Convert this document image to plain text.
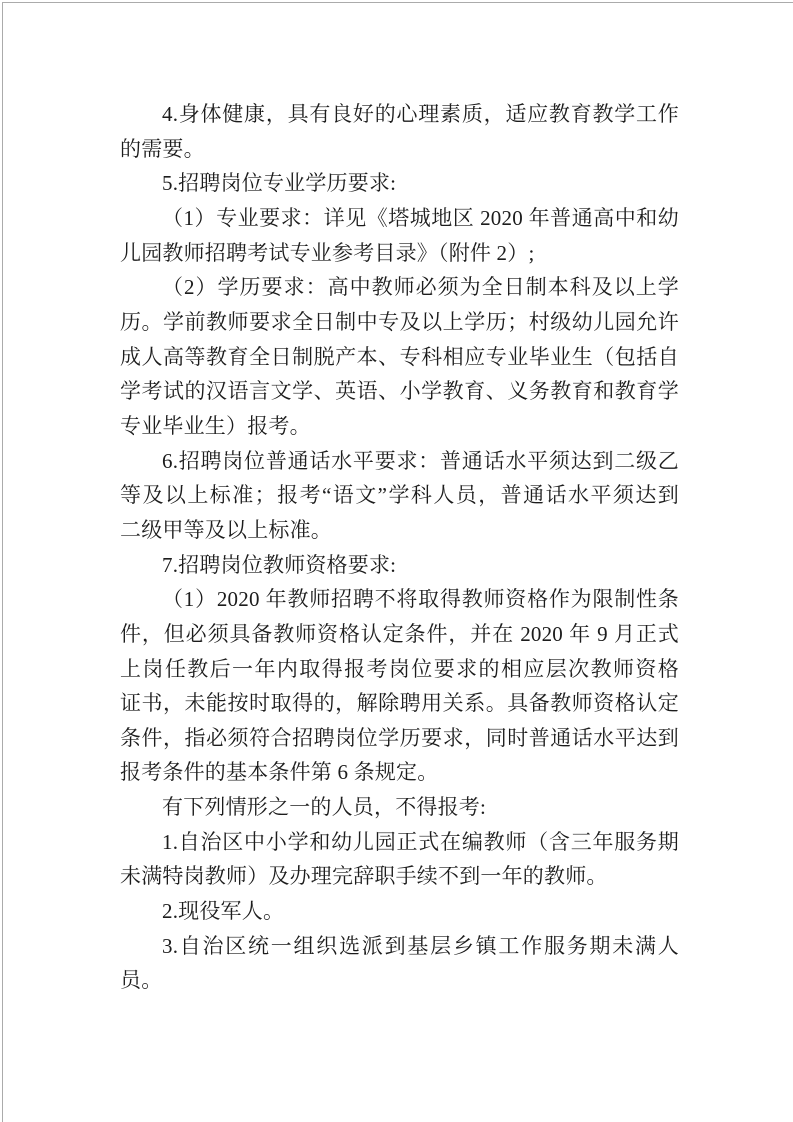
4.身体健康，具有良好的心理素质，适应教育教学工作
的需要。
5.招聘岗位专业学历要求:
（1）专业要求：详见《塔城地区 2020 年普通高中和幼
儿园教师招聘考试专业参考目录》（附件 2）;
（2）学历要求：高中教师必须为全日制本科及以上学
历。学前教师要求全日制中专及以上学历；村级幼儿园允许
成人高等教育全日制脱产本、专科相应专业毕业生（包括自
学考试的汉语言文学、英语、小学教育、义务教育和教育学
专业毕业生）报考。
6.招聘岗位普通话水平要求：普通话水平须达到二级乙
等及以上标准；报考“语文”学科人员，普通话水平须达到
二级甲等及以上标准。
7.招聘岗位教师资格要求:
（1）2020 年教师招聘不将取得教师资格作为限制性条
件，但必须具备教师资格认定条件，并在 2020 年 9 月正式
上岗任教后一年内取得报考岗位要求的相应层次教师资格
证书，未能按时取得的，解除聘用关系。具备教师资格认定
条件，指必须符合招聘岗位学历要求，同时普通话水平达到
报考条件的基本条件第 6 条规定。
有下列情形之一的人员，不得报考:
1.自治区中小学和幼儿园正式在编教师（含三年服务期
未满特岗教师）及办理完辞职手续不到一年的教师。
2.现役军人。
3.自治区统一组织选派到基层乡镇工作服务期未满人
员。
